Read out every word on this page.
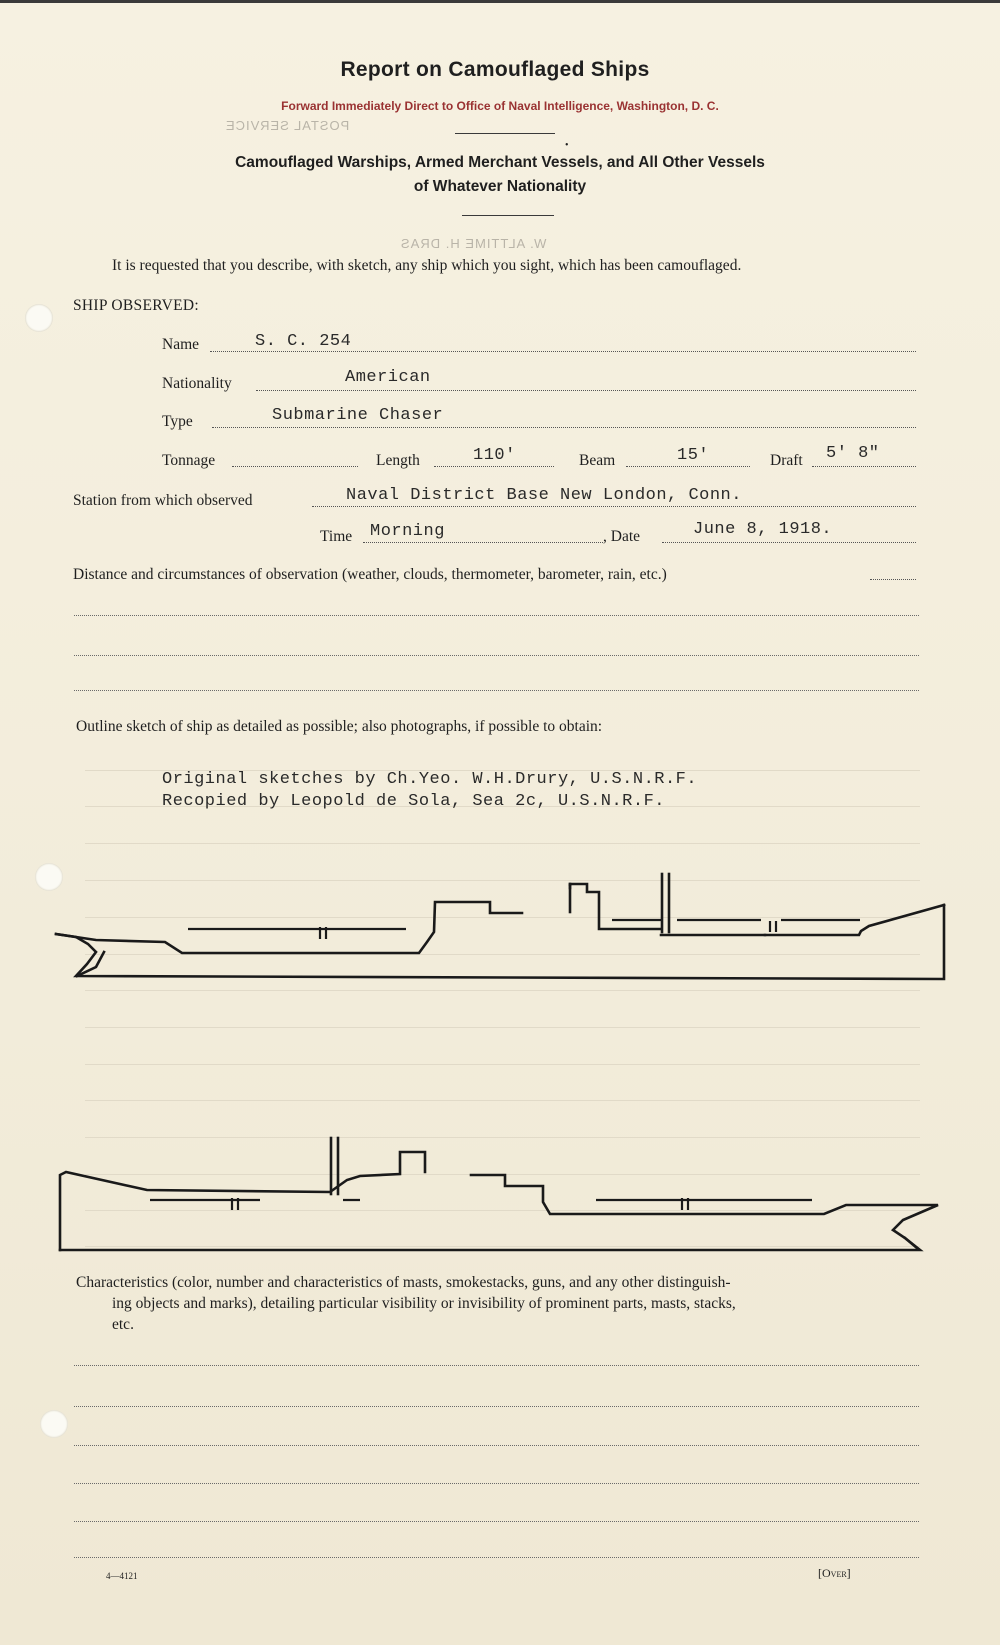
Report on Camouflaged Ships
Forward Immediately Direct to Office of Naval Intelligence, Washington, D. C.
POSTAL SERVICE
•
Camouflaged Warships, Armed Merchant Vessels, and All Other Vessels
of Whatever Nationality
W. ALTTIME H. DRAS
It is requested that you describe, with sketch, any ship which you sight, which has been camouflaged.
SHIP OBSERVED:
Name	S. C. 254
Nationality	American
Type	Submarine Chaser
Tonnage	Length	110'	Beam	15'	Draft 5' 8"
Station from which observed	Naval District Base New London, Conn.
Time Morning	, Date	June 8, 1918.
Distance and circumstances of observation (weather, clouds, thermometer, barometer, rain, etc.)
Outline sketch of ship as detailed as possible; also photographs, if possible to obtain:
Original sketches by Ch.Yeo. W.H.Drury, U.S.N.R.F.
Recopied by Leopold de Sola, Sea 2c, U.S.N.R.F.
Characteristics (color, number and characteristics of masts, smokestacks, guns, and any other distinguish-
ing objects and marks), detailing particular visibility or invisibility of prominent parts, masts, stacks,
etc.
4—4121	[Over]
